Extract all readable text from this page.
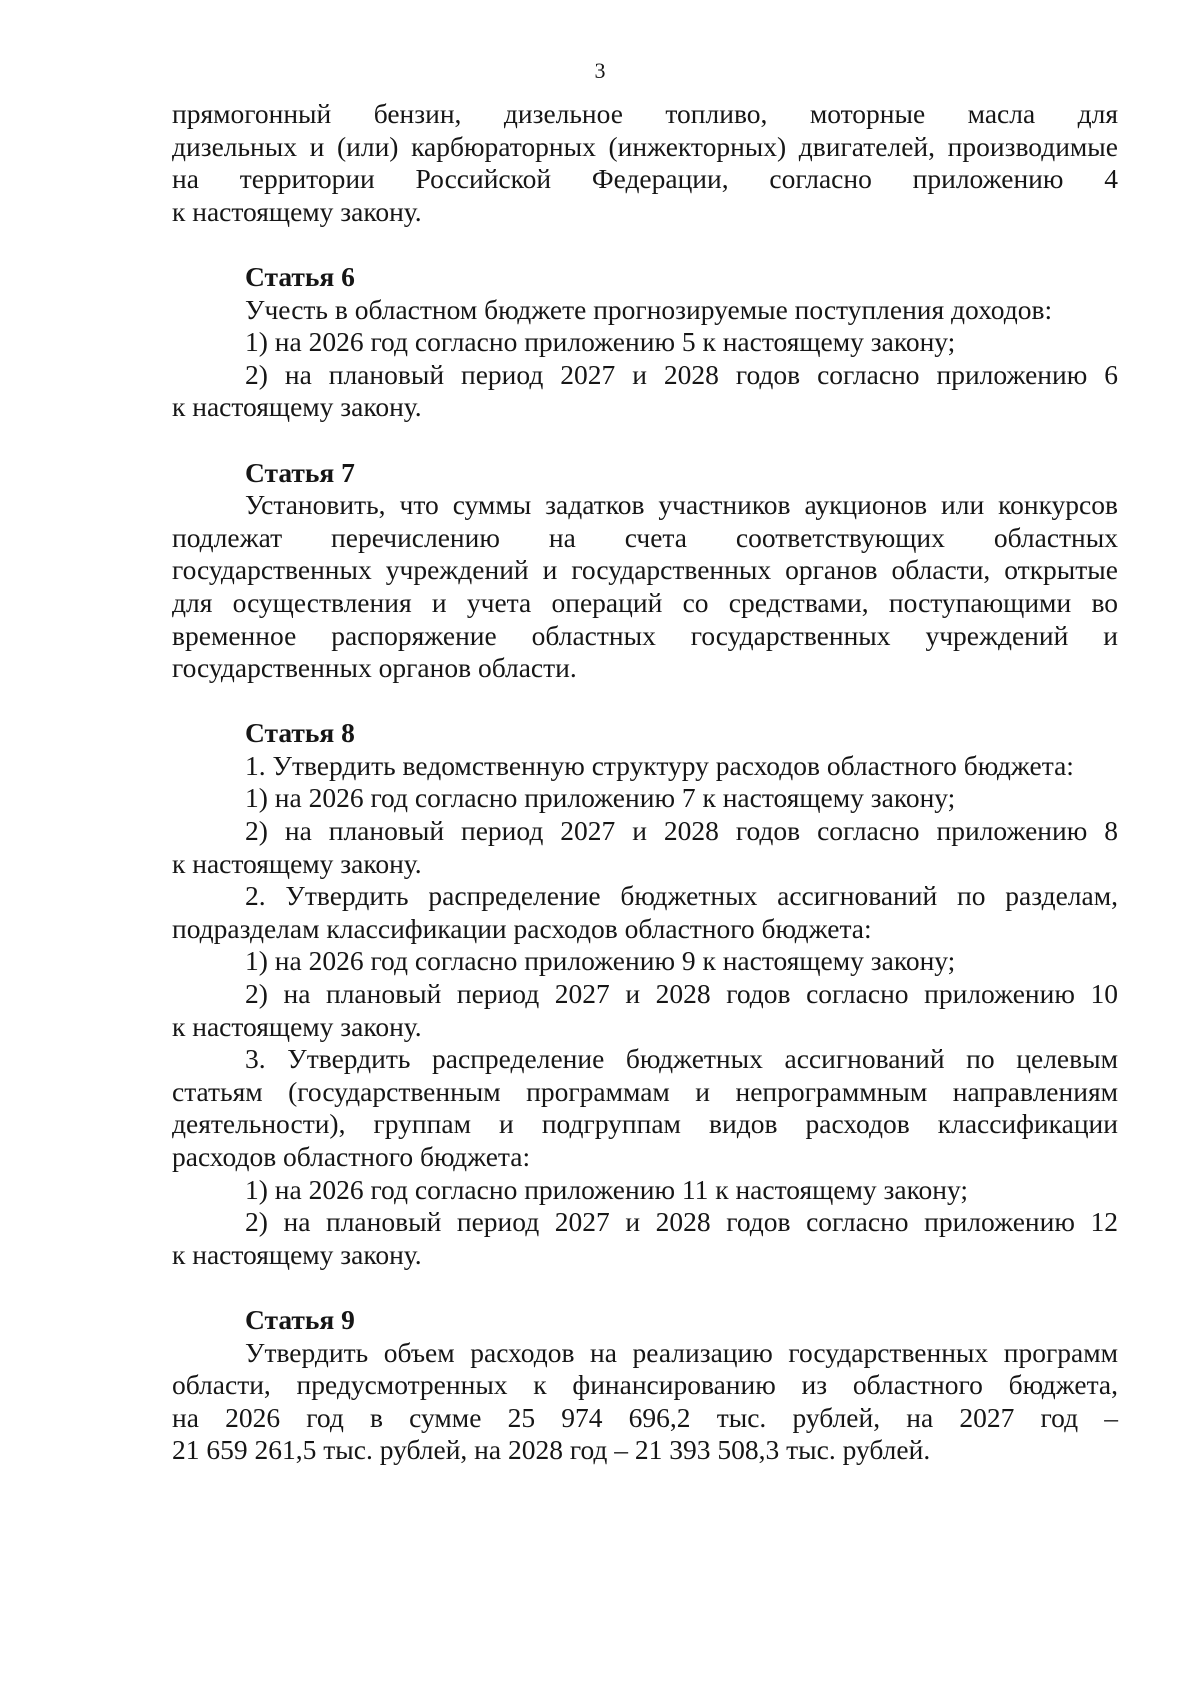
3

прямогонный бензин, дизельное топливо, моторные масла для

дизельных и (или) карбюраторных (инжекторных) двигателей, производимые

на территории Российской Федерации, согласно приложению 4

к настоящему закону.

Статья 6

Учесть в областном бюджете прогнозируемые поступления доходов:

1) на 2026 год согласно приложению 5 к настоящему закону;

2) на плановый период 2027 и 2028 годов согласно приложению 6

к настоящему закону.

Статья 7

Установить, что суммы задатков участников аукционов или конкурсов

подлежат перечислению на счета соответствующих областных

государственных учреждений и государственных органов области, открытые

для осуществления и учета операций со средствами, поступающими во

временное распоряжение областных государственных учреждений и

государственных органов области.

Статья 8

1. Утвердить ведомственную структуру расходов областного бюджета:

1) на 2026 год согласно приложению 7 к настоящему закону;

2) на плановый период 2027 и 2028 годов согласно приложению 8

к настоящему закону.

2. Утвердить распределение бюджетных ассигнований по разделам,

подразделам классификации расходов областного бюджета:

1) на 2026 год согласно приложению 9 к настоящему закону;

2) на плановый период 2027 и 2028 годов согласно приложению 10

к настоящему закону.

3. Утвердить распределение бюджетных ассигнований по целевым

статьям (государственным программам и непрограммным направлениям

деятельности), группам и подгруппам видов расходов классификации

расходов областного бюджета:

1) на 2026 год согласно приложению 11 к настоящему закону;

2) на плановый период 2027 и 2028 годов согласно приложению 12

к настоящему закону.

Статья 9

Утвердить объем расходов на реализацию государственных программ

области, предусмотренных к финансированию из областного бюджета,

на 2026 год в сумме 25 974 696,2 тыс. рублей, на 2027 год –

21 659 261,5 тыс. рублей, на 2028 год – 21 393 508,3 тыс. рублей.
